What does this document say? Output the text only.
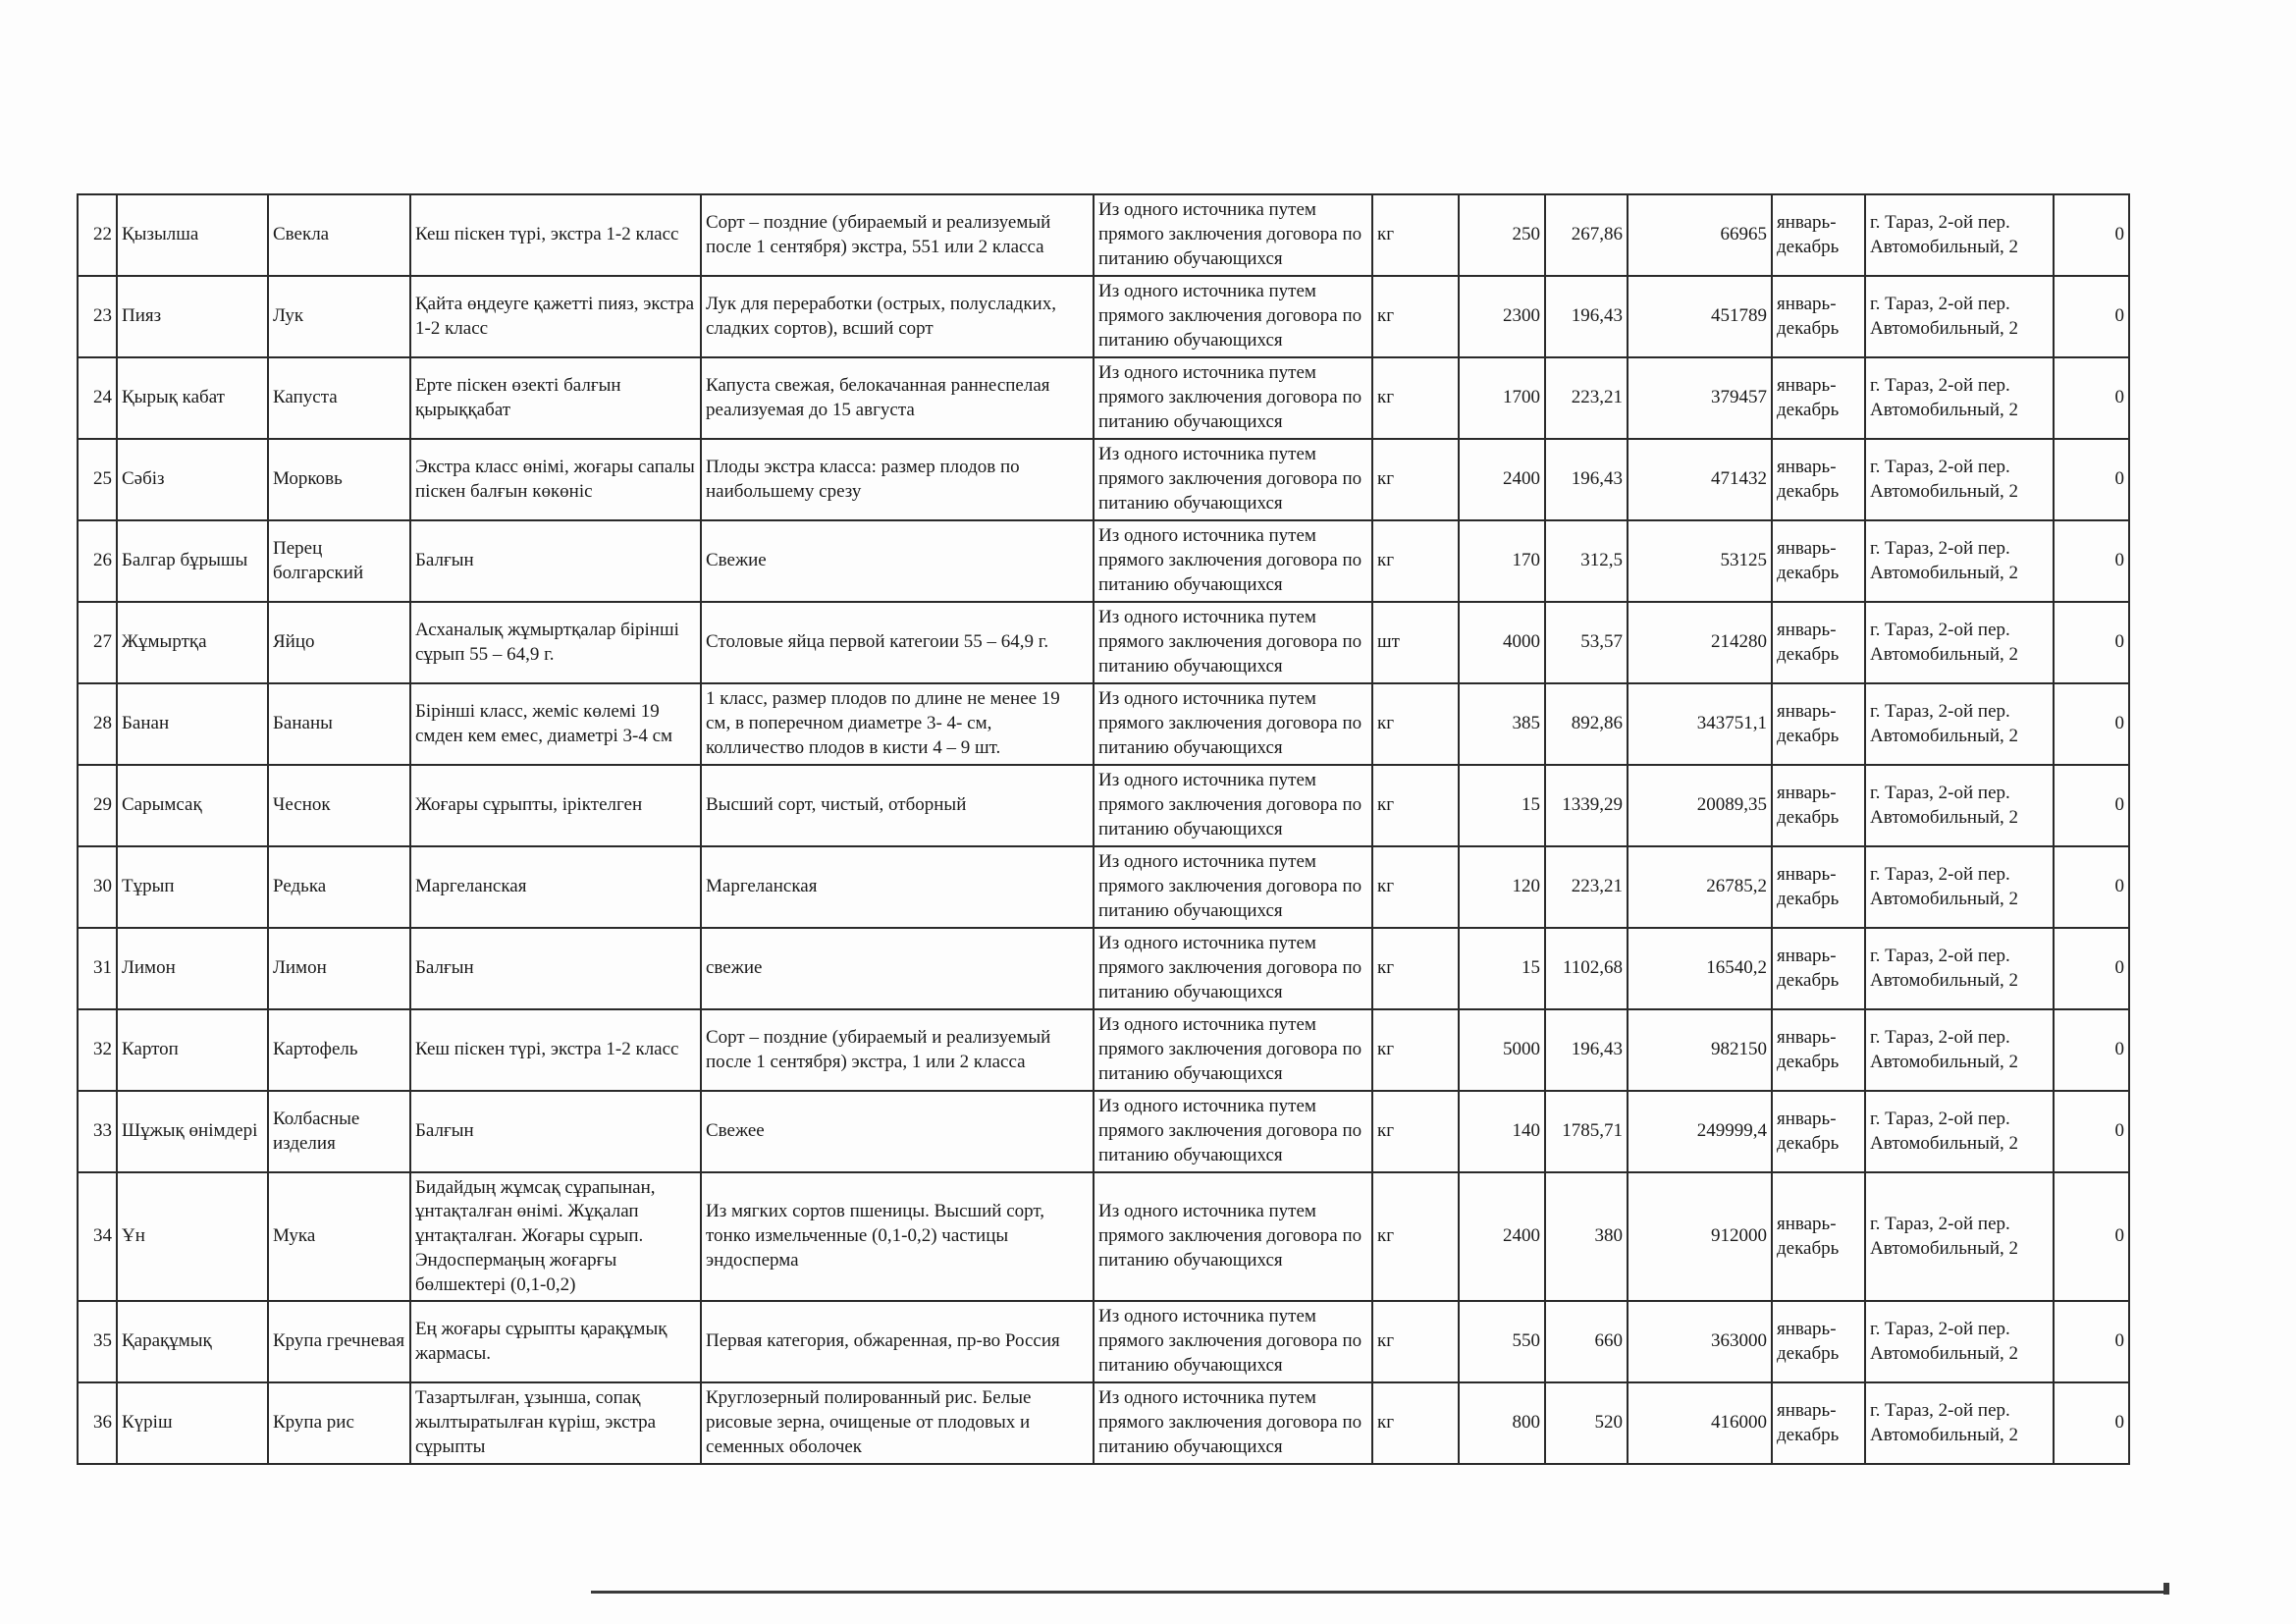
22	Қызылша	Свекла	Кеш піскен түрі, экстра 1-2 класс	Сорт – поздние (убираемый и реализуемый после 1 сентября) экстра, 551 или 2 класса	Из одного источника путем прямого заключения договора по питанию обучающихся	кг	250	267,86	66965	январь-декабрь	г. Тараз, 2-ой пер. Автомобильный, 2	0
23	Пияз	Лук	Қайта өңдеуге қажетті пияз, экстра 1-2 класс	Лук для переработки (острых, полусладких, сладких сортов), всший сорт	Из одного источника путем прямого заключения договора по питанию обучающихся	кг	2300	196,43	451789	январь-декабрь	г. Тараз, 2-ой пер. Автомобильный, 2	0
24	Қырық кабат	Капуста	Ерте піскен өзекті балғын қырыққабат	Капуста свежая, белокачанная раннеспелая реализуемая до 15 августа	Из одного источника путем прямого заключения договора по питанию обучающихся	кг	1700	223,21	379457	январь-декабрь	г. Тараз, 2-ой пер. Автомобильный, 2	0
25	Сәбіз	Морковь	Экстра класс өнімі, жоғары сапалы піскен балғын көкөніс	Плоды экстра класса: размер плодов по наибольшему срезу	Из одного источника путем прямого заключения договора по питанию обучающихся	кг	2400	196,43	471432	январь-декабрь	г. Тараз, 2-ой пер. Автомобильный, 2	0
26	Балгар бұрышы	Перец болгарский	Балғын	Свежие	Из одного источника путем прямого заключения договора по питанию обучающихся	кг	170	312,5	53125	январь-декабрь	г. Тараз, 2-ой пер. Автомобильный, 2	0
27	Жұмыртқа	Яйцо	Асханалық жұмыртқалар бірінші сұрып 55 – 64,9 г.	Столовые яйца первой категоии 55 – 64,9 г.	Из одного источника путем прямого заключения договора по питанию обучающихся	шт	4000	53,57	214280	январь-декабрь	г. Тараз, 2-ой пер. Автомобильный, 2	0
28	Банан	Бананы	Бірінші класс, жеміс көлемі 19 смден кем емес, диаметрі 3-4 см	1 класс, размер плодов по длине не менее 19 см, в поперечном диаметре 3- 4- см, колличество плодов в кисти 4 – 9 шт.	Из одного источника путем прямого заключения договора по питанию обучающихся	кг	385	892,86	343751,1	январь-декабрь	г. Тараз, 2-ой пер. Автомобильный, 2	0
29	Сарымсақ	Чеснок	Жоғары сұрыпты, іріктелген	Высший сорт, чистый, отборный	Из одного источника путем прямого заключения договора по питанию обучающихся	кг	15	1339,29	20089,35	январь-декабрь	г. Тараз, 2-ой пер. Автомобильный, 2	0
30	Тұрып	Редька	Маргеланская	Маргеланская	Из одного источника путем прямого заключения договора по питанию обучающихся	кг	120	223,21	26785,2	январь-декабрь	г. Тараз, 2-ой пер. Автомобильный, 2	0
31	Лимон	Лимон	Балғын	свежие	Из одного источника путем прямого заключения договора по питанию обучающихся	кг	15	1102,68	16540,2	январь-декабрь	г. Тараз, 2-ой пер. Автомобильный, 2	0
32	Картоп	Картофель	Кеш піскен түрі, экстра 1-2 класс	Сорт – поздние (убираемый и реализуемый после 1 сентября) экстра, 1 или 2 класса	Из одного источника путем прямого заключения договора по питанию обучающихся	кг	5000	196,43	982150	январь-декабрь	г. Тараз, 2-ой пер. Автомобильный, 2	0
33	Шұжық өнімдері	Колбасные изделия	Балғын	Свежее	Из одного источника путем прямого заключения договора по питанию обучающихся	кг	140	1785,71	249999,4	январь-декабрь	г. Тараз, 2-ой пер. Автомобильный, 2	0
34	Ұн	Мука	Бидайдың жұмсақ сұрапынан, ұнтақталған өнімі. Жұқалап ұнтақталған. Жоғары сұрып. Эндоспермаңың жоғарғы бөлшектері (0,1-0,2)	Из мягких сортов пшеницы. Высший сорт, тонко измельченные (0,1-0,2) частицы эндосперма	Из одного источника путем прямого заключения договора по питанию обучающихся	кг	2400	380	912000	январь-декабрь	г. Тараз, 2-ой пер. Автомобильный, 2	0
35	Қарақұмық	Крупа гречневая	Ең жоғары сұрыпты қарақұмық жармасы.	Первая категория, обжаренная, пр-во Россия	Из одного источника путем прямого заключения договора по питанию обучающихся	кг	550	660	363000	январь-декабрь	г. Тараз, 2-ой пер. Автомобильный, 2	0
36	Күріш	Крупа рис	Тазартылған, ұзынша, сопақ жылтыратылған күріш, экстра сұрыпты	Круглозерный полированный рис. Белые рисовые зерна, очищеные от плодовых и семенных оболочек	Из одного источника путем прямого заключения договора по питанию обучающихся	кг	800	520	416000	январь-декабрь	г. Тараз, 2-ой пер. Автомобильный, 2	0
